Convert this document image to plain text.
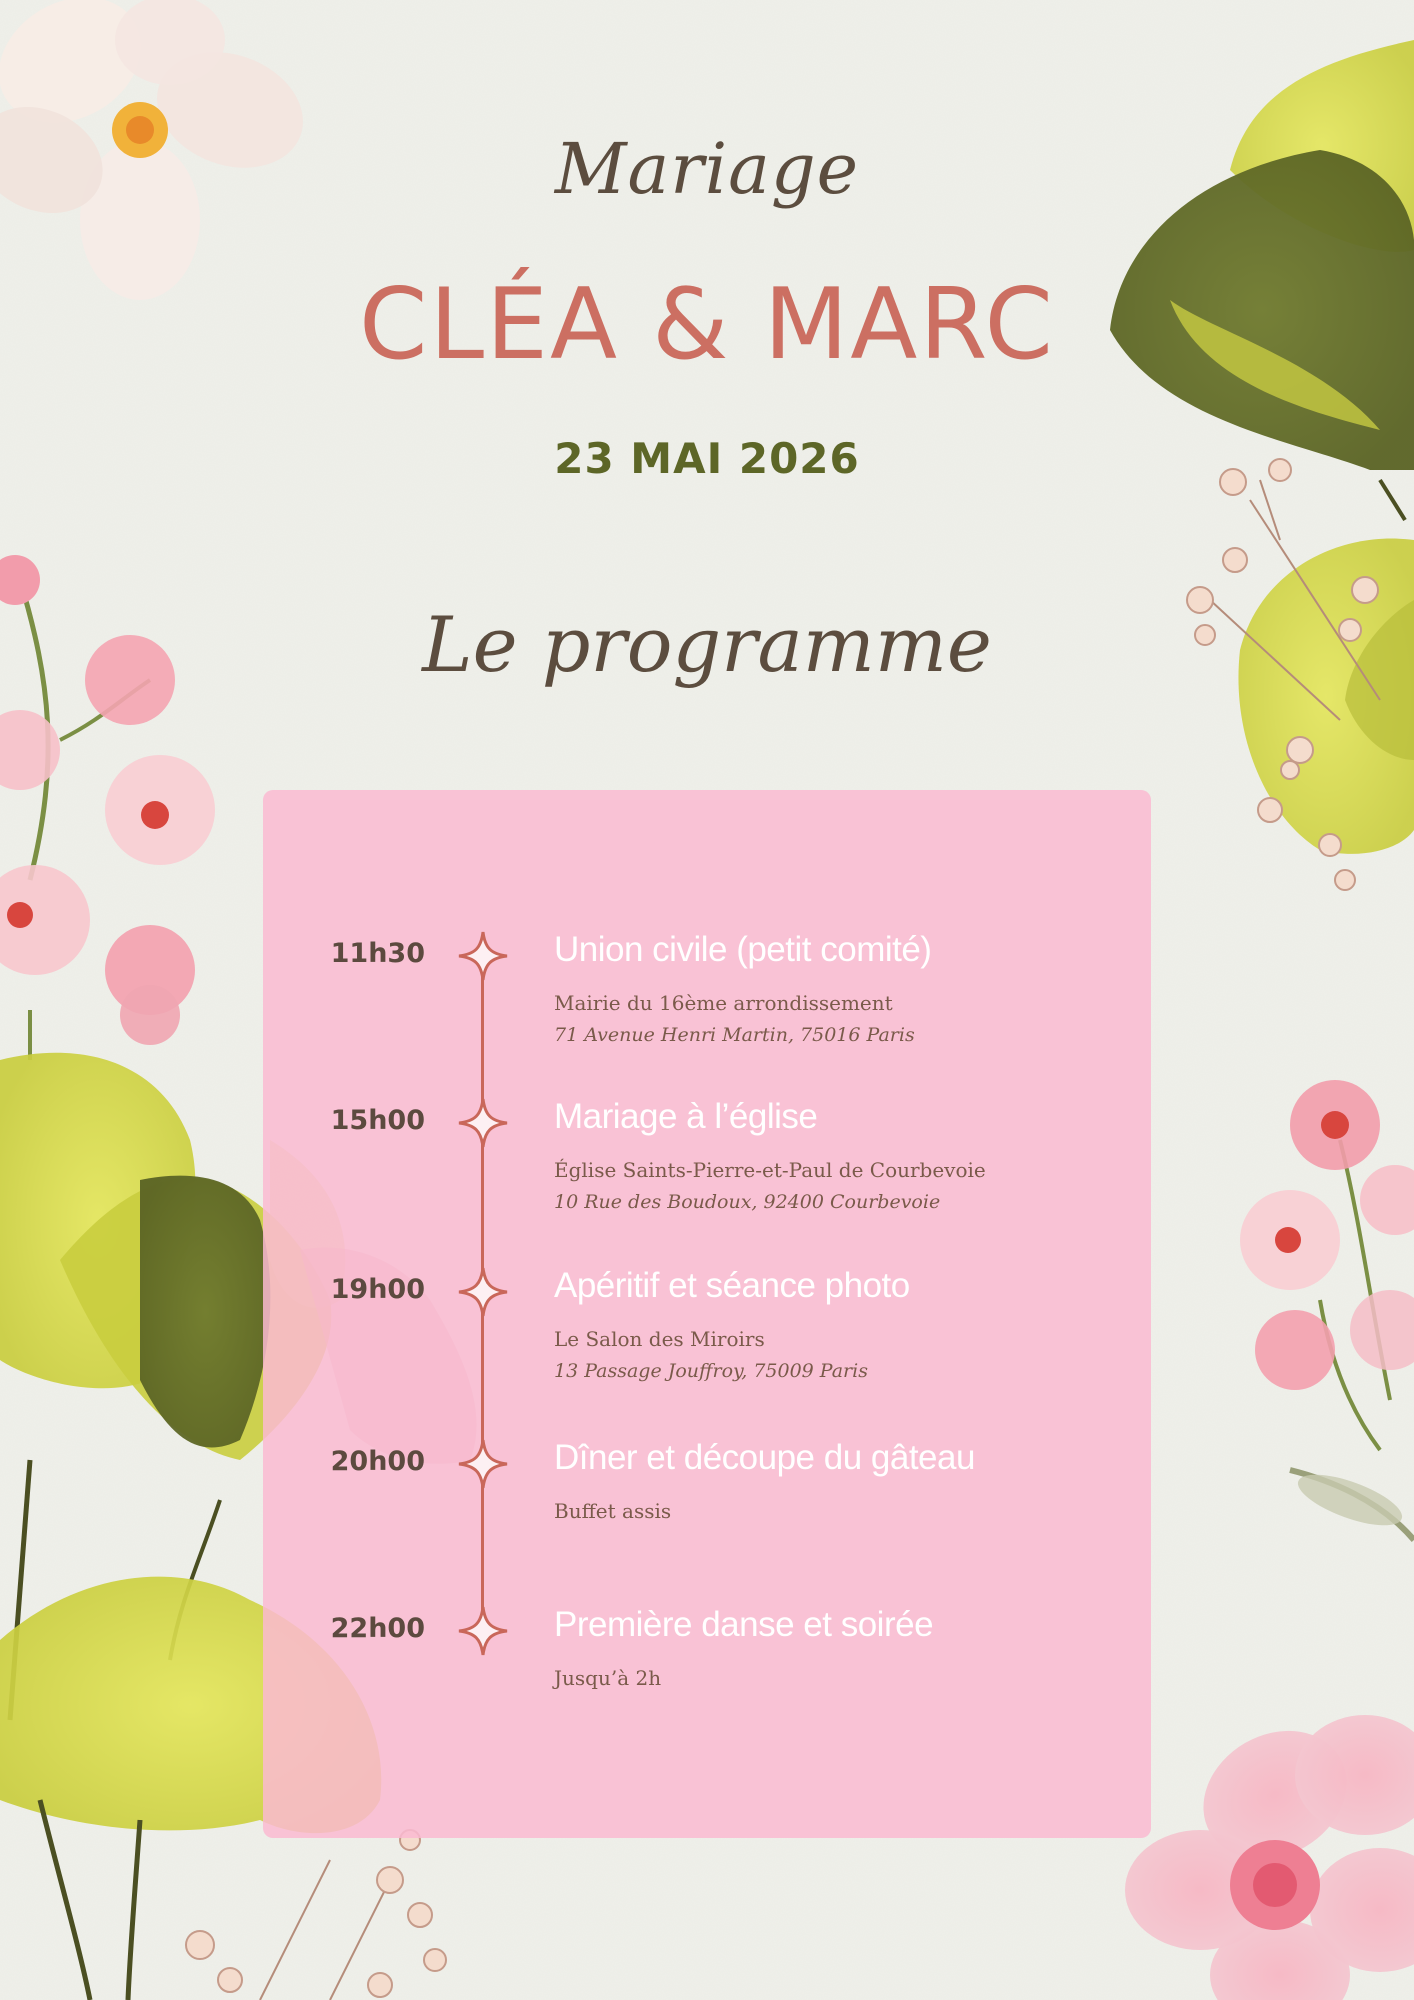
Mariage
CLÉA & MARC
23 MAI 2026
Le programme
11h30	Union civile (petit comité)
Mairie du 16ème arrondissement
71 Avenue Henri Martin, 75016 Paris
15h00	Mariage à l’église
Église Saints-Pierre-et-Paul de Courbevoie
10 Rue des Boudoux, 92400 Courbevoie
19h00	Apéritif et séance photo
Le Salon des Miroirs
13 Passage Jouffroy, 75009 Paris
20h00	Dîner et découpe du gâteau
Buffet assis
22h00	Première danse et soirée
Jusqu’à 2h
